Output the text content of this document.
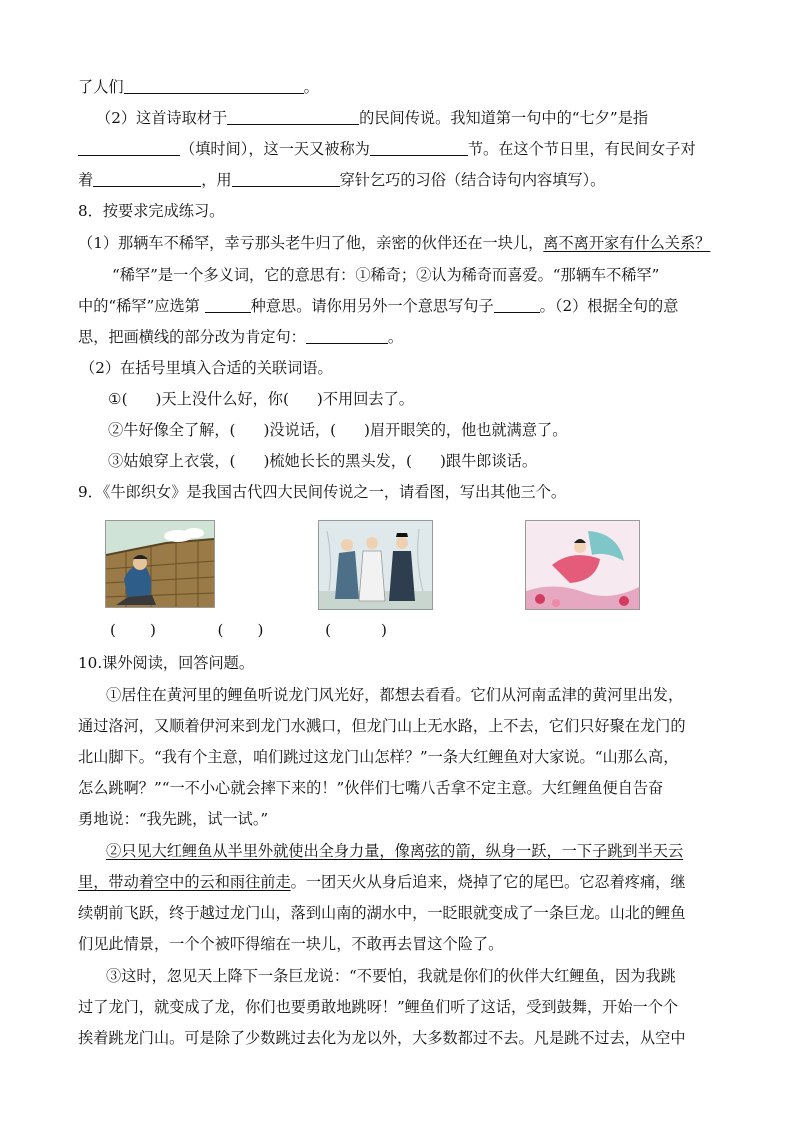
了人们	。
（2）这首诗取材于	的民间传说。我知道第一句中的“七夕”是指
（填时间），这一天又被称为	节。在这个节日里，有民间女子对
着	，用	穿针乞巧的习俗（结合诗句内容填写）。
8．按要求完成练习。
（1）那辆车不稀罕，幸亏那头老牛归了他，亲密的伙伴还在一块儿，离不离开家有什么关系？
“稀罕”是一个多义词，它的意思有：①稀奇；②认为稀奇而喜爱。“那辆车不稀罕”
中的“稀罕”应选第	种意思。请你用另外一个意思写句子	。（2）根据全句的意
思，把画横线的部分改为肯定句：	。
（2）在括号里填入合适的关联词语。
①( )天上没什么好，你( )不用回去了。
②牛好像全了解，( )没说话，( )眉开眼笑的，他也就满意了。
③姑娘穿上衣裳，( )梳她长长的黑头发，( )跟牛郎谈话。
9．《牛郎织女》是我国古代四大民间传说之一，请看图，写出其他三个。
( )	( )	(	)
10.课外阅读，回答问题。
①居住在黄河里的鲤鱼听说龙门风光好，都想去看看。它们从河南孟津的黄河里出发，
通过洛河，又顺着伊河来到龙门水溅口，但龙门山上无水路，上不去，它们只好聚在龙门的
北山脚下。“我有个主意，咱们跳过这龙门山怎样？”一条大红鲤鱼对大家说。“山那么高，
怎么跳啊？”“一不小心就会摔下来的！”伙伴们七嘴八舌拿不定主意。大红鲤鱼便自告奋
勇地说：“我先跳，试一试。”
②只见大红鲤鱼从半里外就使出全身力量，像离弦的箭，纵身一跃，一下子跳到半天云
里，带动着空中的云和雨往前走。一团天火从身后追来，烧掉了它的尾巴。它忍着疼痛，继
续朝前飞跃，终于越过龙门山，落到山南的湖水中，一眨眼就变成了一条巨龙。山北的鲤鱼
们见此情景，一个个被吓得缩在一块儿，不敢再去冒这个险了。
③这时，忽见天上降下一条巨龙说：“不要怕，我就是你们的伙伴大红鲤鱼，因为我跳
过了龙门，就变成了龙，你们也要勇敢地跳呀！”鲤鱼们听了这话，受到鼓舞，开始一个个
挨着跳龙门山。可是除了少数跳过去化为龙以外，大多数都过不去。凡是跳不过去，从空中
